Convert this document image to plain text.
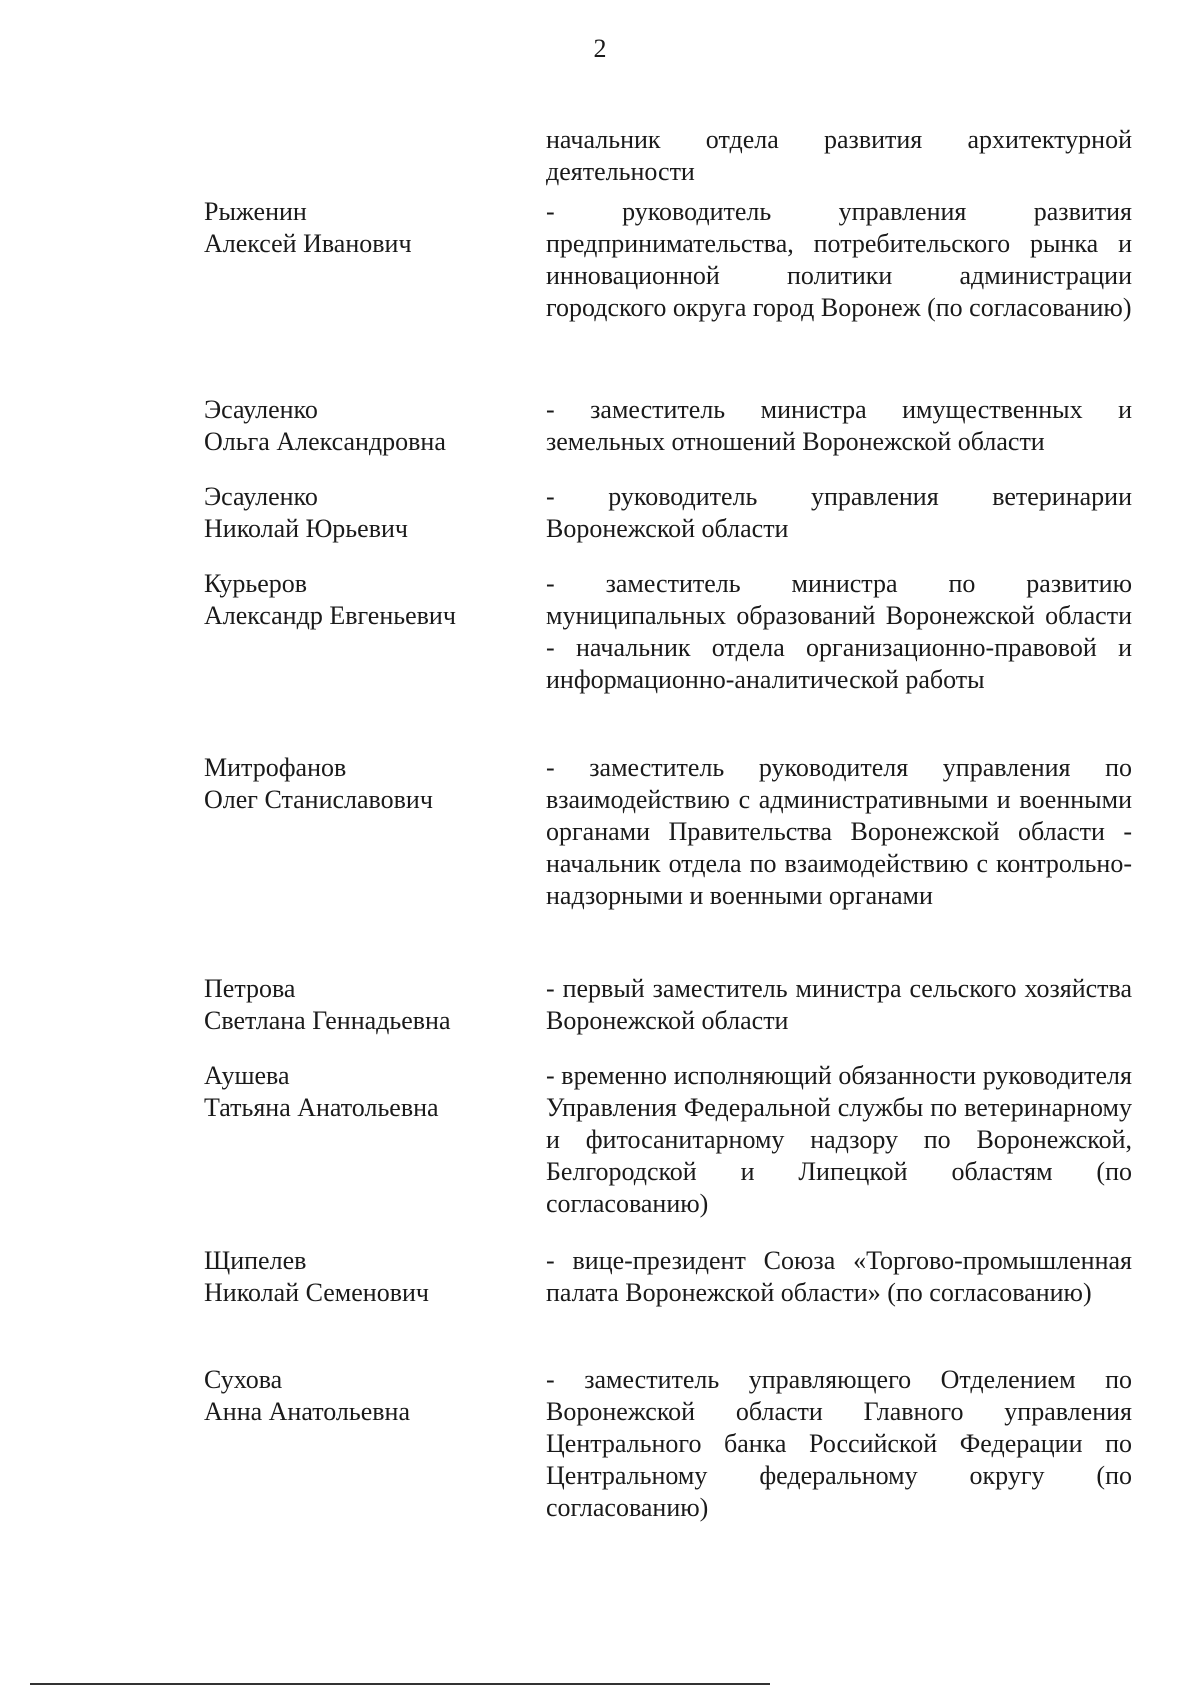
2
начальник отдела развития архитектурной деятельности
Рыженин
Алексей Иванович
- руководитель управления развития предпринимательства, потребительского рынка и инновационной политики администрации городского округа город Воронеж (по согласованию)
Эсауленко
Ольга Александровна
- заместитель министра имущественных и земельных отношений Воронежской области
Эсауленко
Николай Юрьевич
- руководитель управления ветеринарии Воронежской области
Курьеров
Александр Евгеньевич
- заместитель министра по развитию муниципальных образований Воронежской области - начальник отдела организационно-правовой и информационно-аналитической работы
Митрофанов
Олег Станиславович
- заместитель руководителя управления по взаимодействию с административными и военными органами Правительства Воронежской области - начальник отдела по взаимодействию с контрольно-надзорными и военными органами
Петрова
Светлана Геннадьевна
- первый заместитель министра сельского хозяйства Воронежской области
Аушева
Татьяна Анатольевна
- временно исполняющий обязанности руководителя Управления Федеральной службы по ветеринарному и фитосанитарному надзору по Воронежской, Белгородской и Липецкой областям (по согласованию)
Щипелев
Николай Семенович
- вице-президент Союза «Торгово-промышленная палата Воронежской области» (по согласованию)
Сухова
Анна Анатольевна
- заместитель управляющего Отделением по Воронежской области Главного управления Центрального банка Российской Федерации по Центральному федеральному округу (по согласованию)
